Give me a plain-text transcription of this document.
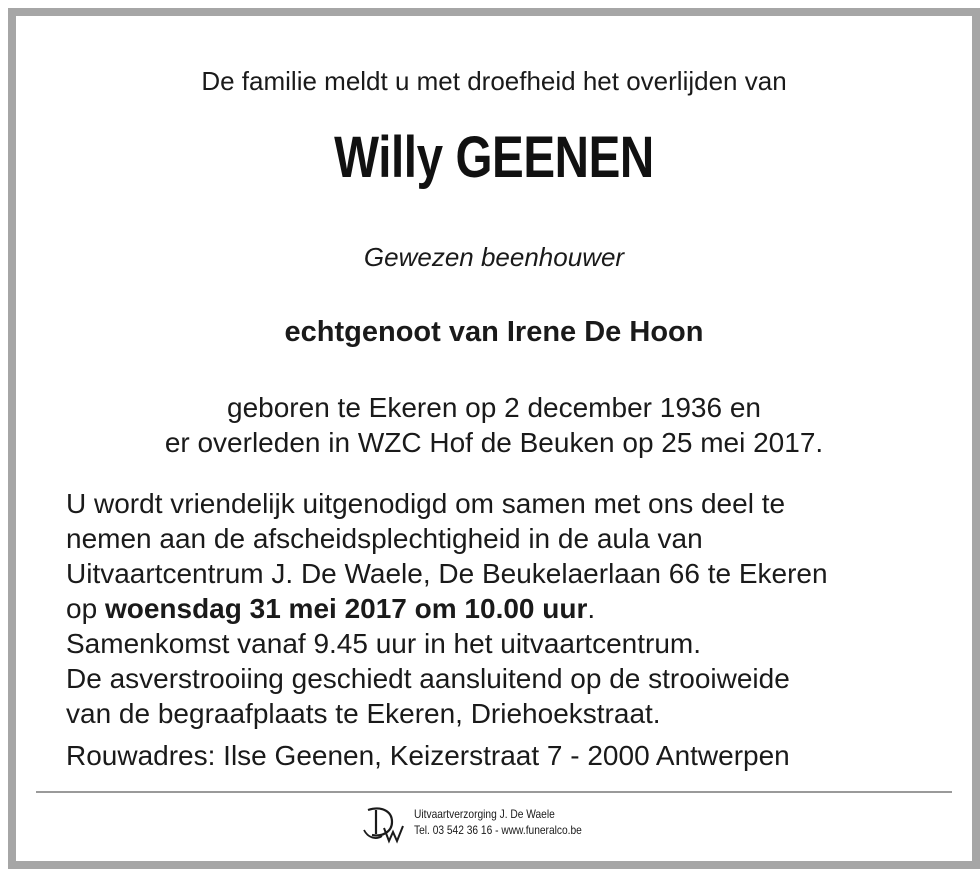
De familie meldt u met droefheid het overlijden van
Willy GEENEN
Gewezen beenhouwer
echtgenoot van Irene De Hoon
geboren te Ekeren op 2 december 1936 en
er overleden in WZC Hof de Beuken op 25 mei 2017.
U wordt vriendelijk uitgenodigd om samen met ons deel te
nemen aan de afscheidsplechtigheid in de aula van
Uitvaartcentrum J. De Waele, De Beukelaerlaan 66 te Ekeren
op woensdag 31 mei 2017 om 10.00 uur.
Samenkomst vanaf 9.45 uur in het uitvaartcentrum.
De asverstrooiing geschiedt aansluitend op de strooiweide
van de begraafplaats te Ekeren, Driehoekstraat.
Rouwadres: Ilse Geenen, Keizerstraat 7 - 2000 Antwerpen
Uitvaartverzorging J. De Waele
Tel. 03 542 36 16 - www.funeralco.be
